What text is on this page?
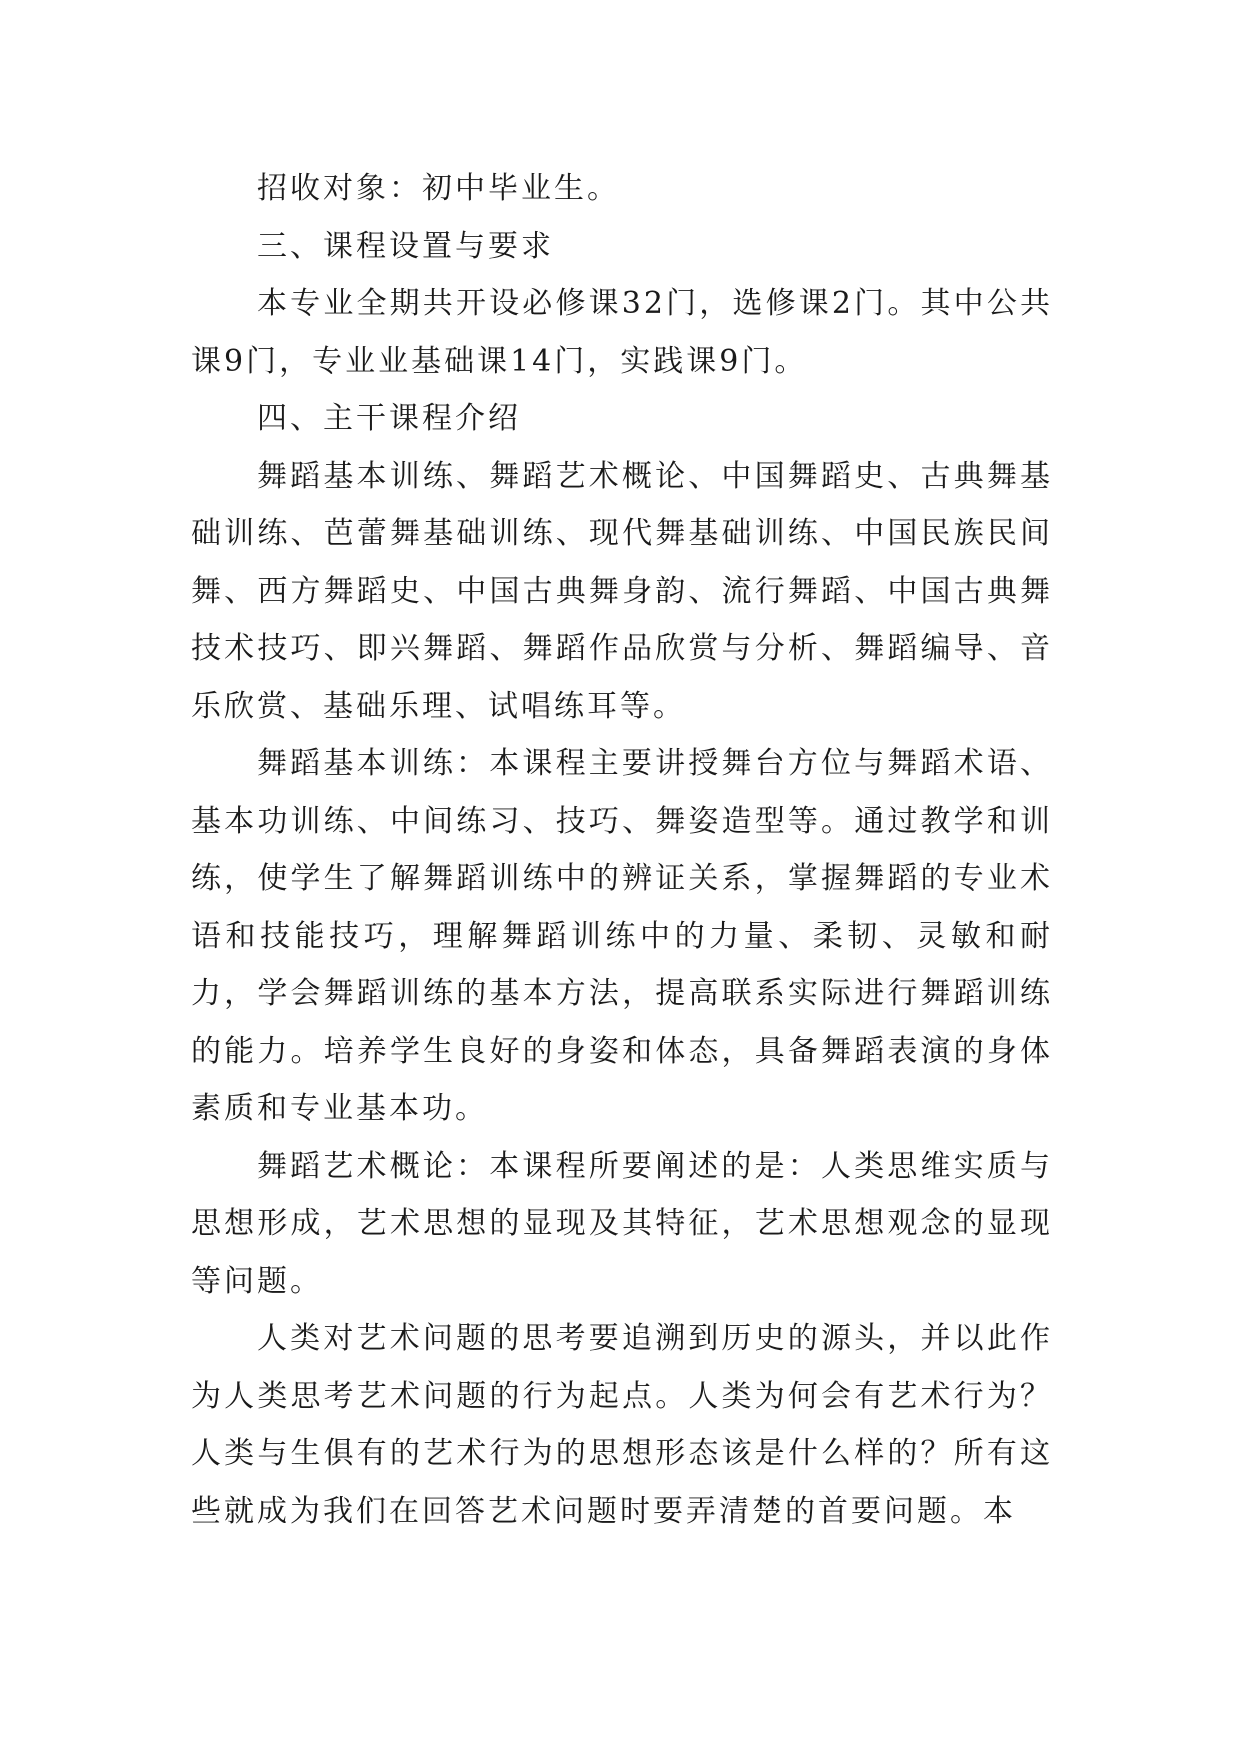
招收对象：初中毕业生。

三、课程设置与要求

本专业全期共开设必修课32门，选修课2门。其中公共课9门，专业业基础课14门，实践课9门。

四、主干课程介绍

舞蹈基本训练、舞蹈艺术概论、中国舞蹈史、古典舞基础训练、芭蕾舞基础训练、现代舞基础训练、中国民族民间舞、西方舞蹈史、中国古典舞身韵、流行舞蹈、中国古典舞技术技巧、即兴舞蹈、舞蹈作品欣赏与分析、舞蹈编导、音乐欣赏、基础乐理、试唱练耳等。

舞蹈基本训练：本课程主要讲授舞台方位与舞蹈术语、基本功训练、中间练习、技巧、舞姿造型等。通过教学和训练，使学生了解舞蹈训练中的辨证关系，掌握舞蹈的专业术语和技能技巧，理解舞蹈训练中的力量、柔韧、灵敏和耐力，学会舞蹈训练的基本方法，提高联系实际进行舞蹈训练的能力。培养学生良好的身姿和体态，具备舞蹈表演的身体素质和专业基本功。

舞蹈艺术概论：本课程所要阐述的是：人类思维实质与思想形成，艺术思想的显现及其特征，艺术思想观念的显现等问题。

人类对艺术问题的思考要追溯到历史的源头，并以此作为人类思考艺术问题的行为起点。人类为何会有艺术行为？人类与生俱有的艺术行为的思想形态该是什么样的？所有这些就成为我们在回答艺术问题时要弄清楚的首要问题。本
